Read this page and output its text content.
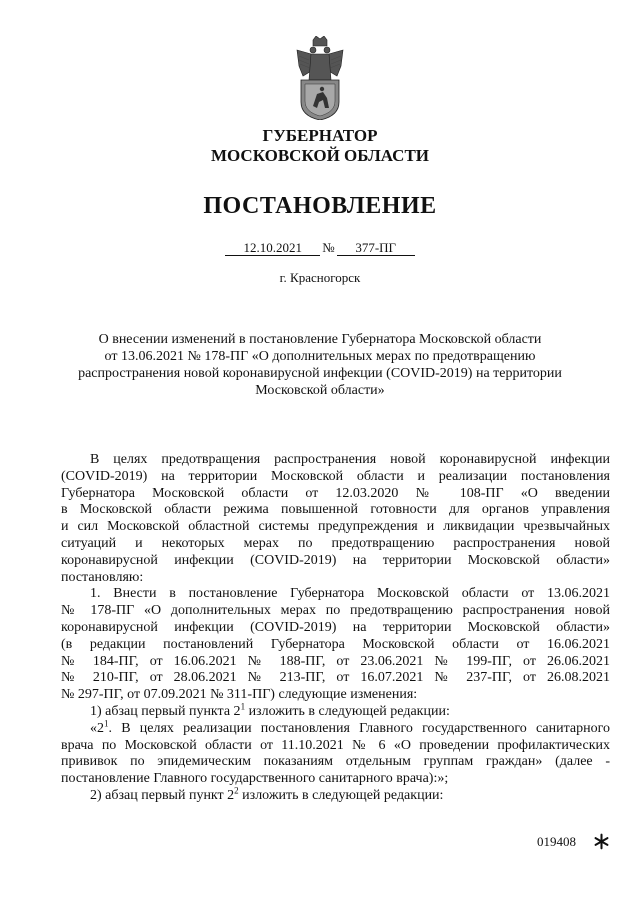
ГУБЕРНАТОР
МОСКОВСКОЙ ОБЛАСТИ
ПОСТАНОВЛЕНИЕ
12.10.2021 № 377-ПГ
г. Красногорск
О внесении изменений в постановление Губернатора Московской области
от 13.06.2021 № 178-ПГ «О дополнительных мерах по предотвращению
распространения новой коронавирусной инфекции (COVID-2019) на территории
Московской области»
В целях предотвращения распространения новой коронавирусной инфекции
(COVID-2019) на территории Московской области и реализации постановления
Губернатора Московской области от 12.03.2020 № 108-ПГ «О введении
в Московской области режима повышенной готовности для органов управления
и сил Московской областной системы предупреждения и ликвидации чрезвычайных
ситуаций и некоторых мерах по предотвращению распространения новой
коронавирусной инфекции (COVID-2019) на территории Московской области»
постановляю:
1. Внести в постановление Губернатора Московской области от 13.06.2021
№ 178-ПГ «О дополнительных мерах по предотвращению распространения новой
коронавирусной инфекции (COVID-2019) на территории Московской области»
(в редакции постановлений Губернатора Московской области от 16.06.2021
№ 184-ПГ, от 16.06.2021 № 188-ПГ, от 23.06.2021 № 199-ПГ, от 26.06.2021
№ 210-ПГ, от 28.06.2021 № 213-ПГ, от 16.07.2021 № 237-ПГ, от 26.08.2021
№ 297-ПГ, от 07.09.2021 № 311-ПГ) следующие изменения:
1) абзац первый пункта $2^1$ изложить в следующей редакции:
«$2^1$. В целях реализации постановления Главного государственного санитарного
врача по Московской области от 11.10.2021 № 6 «О проведении профилактических
прививок по эпидемическим показаниям отдельным группам граждан» (далее -
постановление Главного государственного санитарного врача):»;
2) абзац первый пункт $2^2$ изложить в следующей редакции:
019408
